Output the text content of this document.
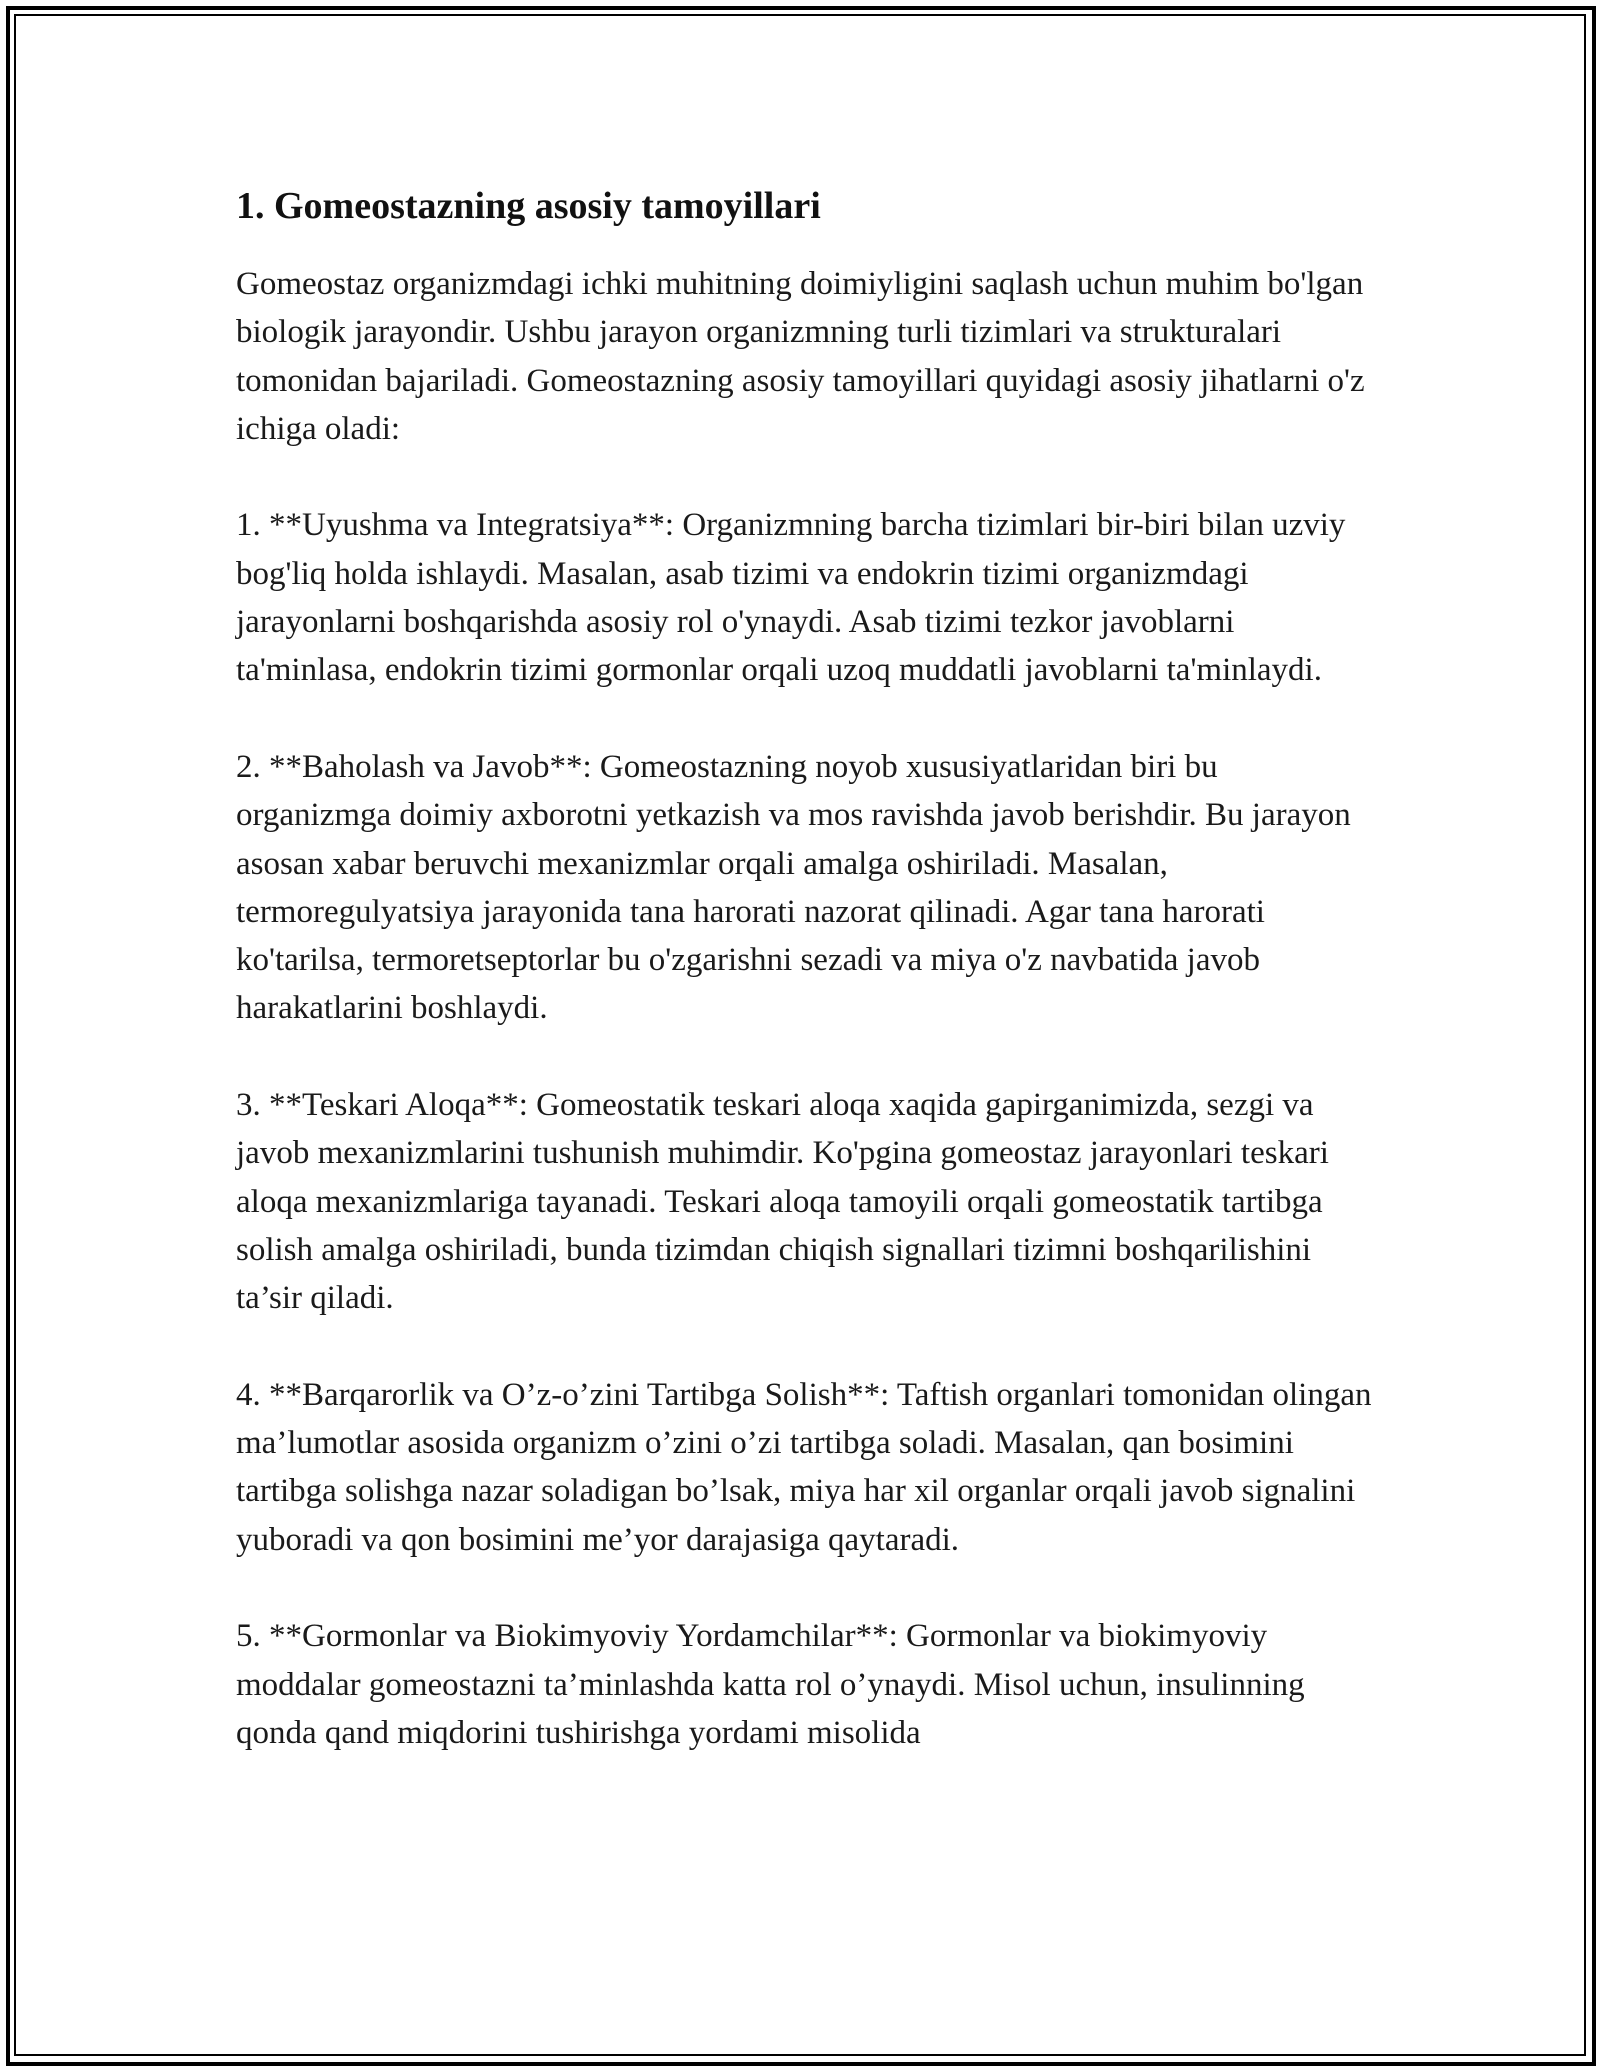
1. Gomeostazning asosiy tamoyillari

Gomeostaz organizmdagi ichki muhitning doimiyligini saqlash uchun muhim bo'lgan biologik jarayondir. Ushbu jarayon organizmning turli tizimlari va strukturalari tomonidan bajariladi. Gomeostazning asosiy tamoyillari quyidagi asosiy jihatlarni o'z ichiga oladi:

1. **Uyushma va Integratsiya**: Organizmning barcha tizimlari bir-biri bilan uzviy bog'liq holda ishlaydi. Masalan, asab tizimi va endokrin tizimi organizmdagi jarayonlarni boshqarishda asosiy rol o'ynaydi. Asab tizimi tezkor javoblarni ta'minlasa, endokrin tizimi gormonlar orqali uzoq muddatli javoblarni ta'minlaydi.

2. **Baholash va Javob**: Gomeostazning noyob xususiyatlaridan biri bu organizmga doimiy axborotni yetkazish va mos ravishda javob berishdir. Bu jarayon asosan xabar beruvchi mexanizmlar orqali amalga oshiriladi. Masalan, termoregulyatsiya jarayonida tana harorati nazorat qilinadi. Agar tana harorati ko'tarilsa, termoretseptorlar bu o'zgarishni sezadi va miya o'z navbatida javob harakatlarini boshlaydi.

3. **Teskari Aloqa**: Gomeostatik teskari aloqa xaqida gapirganimizda, sezgi va javob mexanizmlarini tushunish muhimdir. Ko'pgina gomeostaz jarayonlari teskari aloqa mexanizmlariga tayanadi. Teskari aloqa tamoyili orqali gomeostatik tartibga solish amalga oshiriladi, bunda tizimdan chiqish signallari tizimni boshqarilishini ta’sir qiladi.

4. **Barqarorlik va O’z-o’zini Tartibga Solish**: Taftish organlari tomonidan olingan ma’lumotlar asosida organizm o’zini o’zi tartibga soladi. Masalan, qan bosimini tartibga solishga nazar soladigan bo’lsak, miya har xil organlar orqali javob signalini yuboradi va qon bosimini me’yor darajasiga qaytaradi.

5. **Gormonlar va Biokimyoviy Yordamchilar**: Gormonlar va biokimyoviy moddalar gomeostazni ta’minlashda katta rol o’ynaydi. Misol uchun, insulinning qonda qand miqdorini tushirishga yordami misolida
